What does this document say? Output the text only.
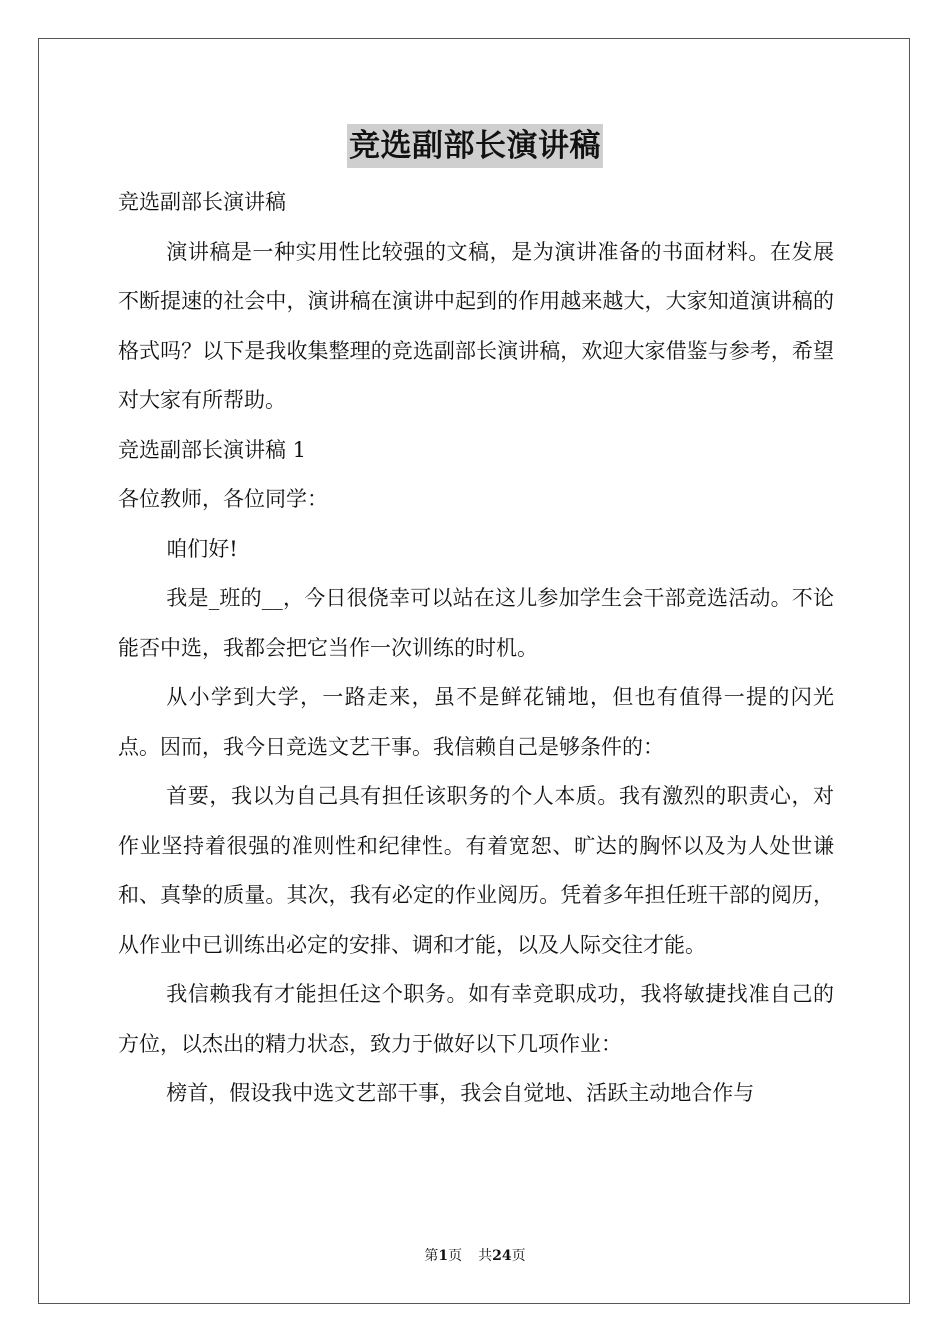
竞选副部长演讲稿

竞选副部长演讲稿

演讲稿是一种实用性比较强的文稿，是为演讲准备的书面材料。在发展不断提速的社会中，演讲稿在演讲中起到的作用越来越大，大家知道演讲稿的格式吗？以下是我收集整理的竞选副部长演讲稿，欢迎大家借鉴与参考，希望对大家有所帮助。

竞选副部长演讲稿 1

各位教师，各位同学：

咱们好!

我是_班的__，今日很侥幸可以站在这儿参加学生会干部竞选活动。不论能否中选，我都会把它当作一次训练的时机。

从小学到大学，一路走来，虽不是鲜花铺地，但也有值得一提的闪光点。因而，我今日竞选文艺干事。我信赖自己是够条件的：

首要，我以为自己具有担任该职务的个人本质。我有激烈的职责心，对作业坚持着很强的准则性和纪律性。有着宽恕、旷达的胸怀以及为人处世谦和、真挚的质量。其次，我有必定的作业阅历。凭着多年担任班干部的阅历，从作业中已训练出必定的安排、调和才能，以及人际交往才能。

我信赖我有才能担任这个职务。如有幸竞职成功，我将敏捷找准自己的方位，以杰出的精力状态，致力于做好以下几项作业：

榜首，假设我中选文艺部干事，我会自觉地、活跃主动地合作与

第1页 共24页
